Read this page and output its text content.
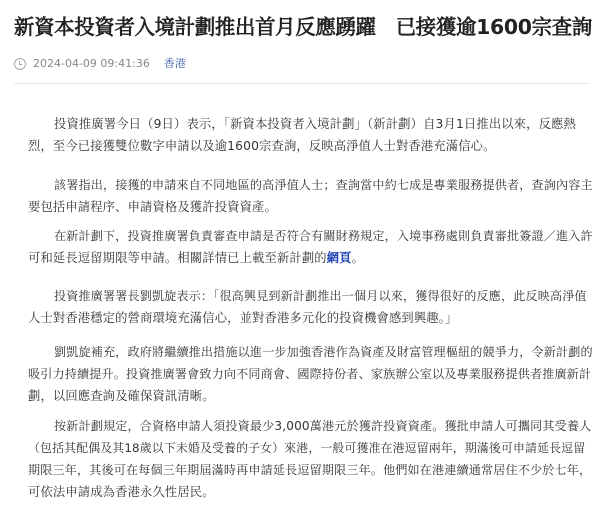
新資本投資者入境計劃推出首月反應踴躍　已接獲逾1600宗查詢
2024-04-09 09:41:36 香港

投資推廣署今日（9日）表示，「新資本投資者入境計劃」（新計劃）自3月1日推出以來，反應熱
烈，至今已接獲雙位數字申請以及逾1600宗查詢，反映高淨值人士對香港充滿信心。

該署指出，接獲的申請來自不同地區的高淨值人士；查詢當中約七成是專業服務提供者，查詢內容主
要包括申請程序、申請資格及獲許投資資產。

在新計劃下，投資推廣署負責審查申請是否符合有關財務規定，入境事務處則負責審批簽證／進入許
可和延長逗留期限等申請。相關詳情已上載至新計劃的網頁。

投資推廣署署長劉凱旋表示：「很高興見到新計劃推出一個月以來，獲得很好的反應，此反映高淨值
人士對香港穩定的營商環境充滿信心，並對香港多元化的投資機會感到興趣。」

劉凱旋補充，政府將繼續推出措施以進一步加強香港作為資產及財富管理樞紐的競爭力，令新計劃的
吸引力持續提升。投資推廣署會致力向不同商會、國際持份者、家族辦公室以及專業服務提供者推廣新計
劃，以回應查詢及確保資訊清晰。

按新計劃規定，合資格申請人須投資最少3,000萬港元於獲許投資資產。獲批申請人可攜同其受養人
（包括其配偶及其18歲以下未婚及受養的子女）來港，一般可獲准在港逗留兩年，期滿後可申請延長逗留
期限三年，其後可在每個三年期屆滿時再申請延長逗留期限三年。他們如在港連續通常居住不少於七年，
可依法申請成為香港永久性居民。
